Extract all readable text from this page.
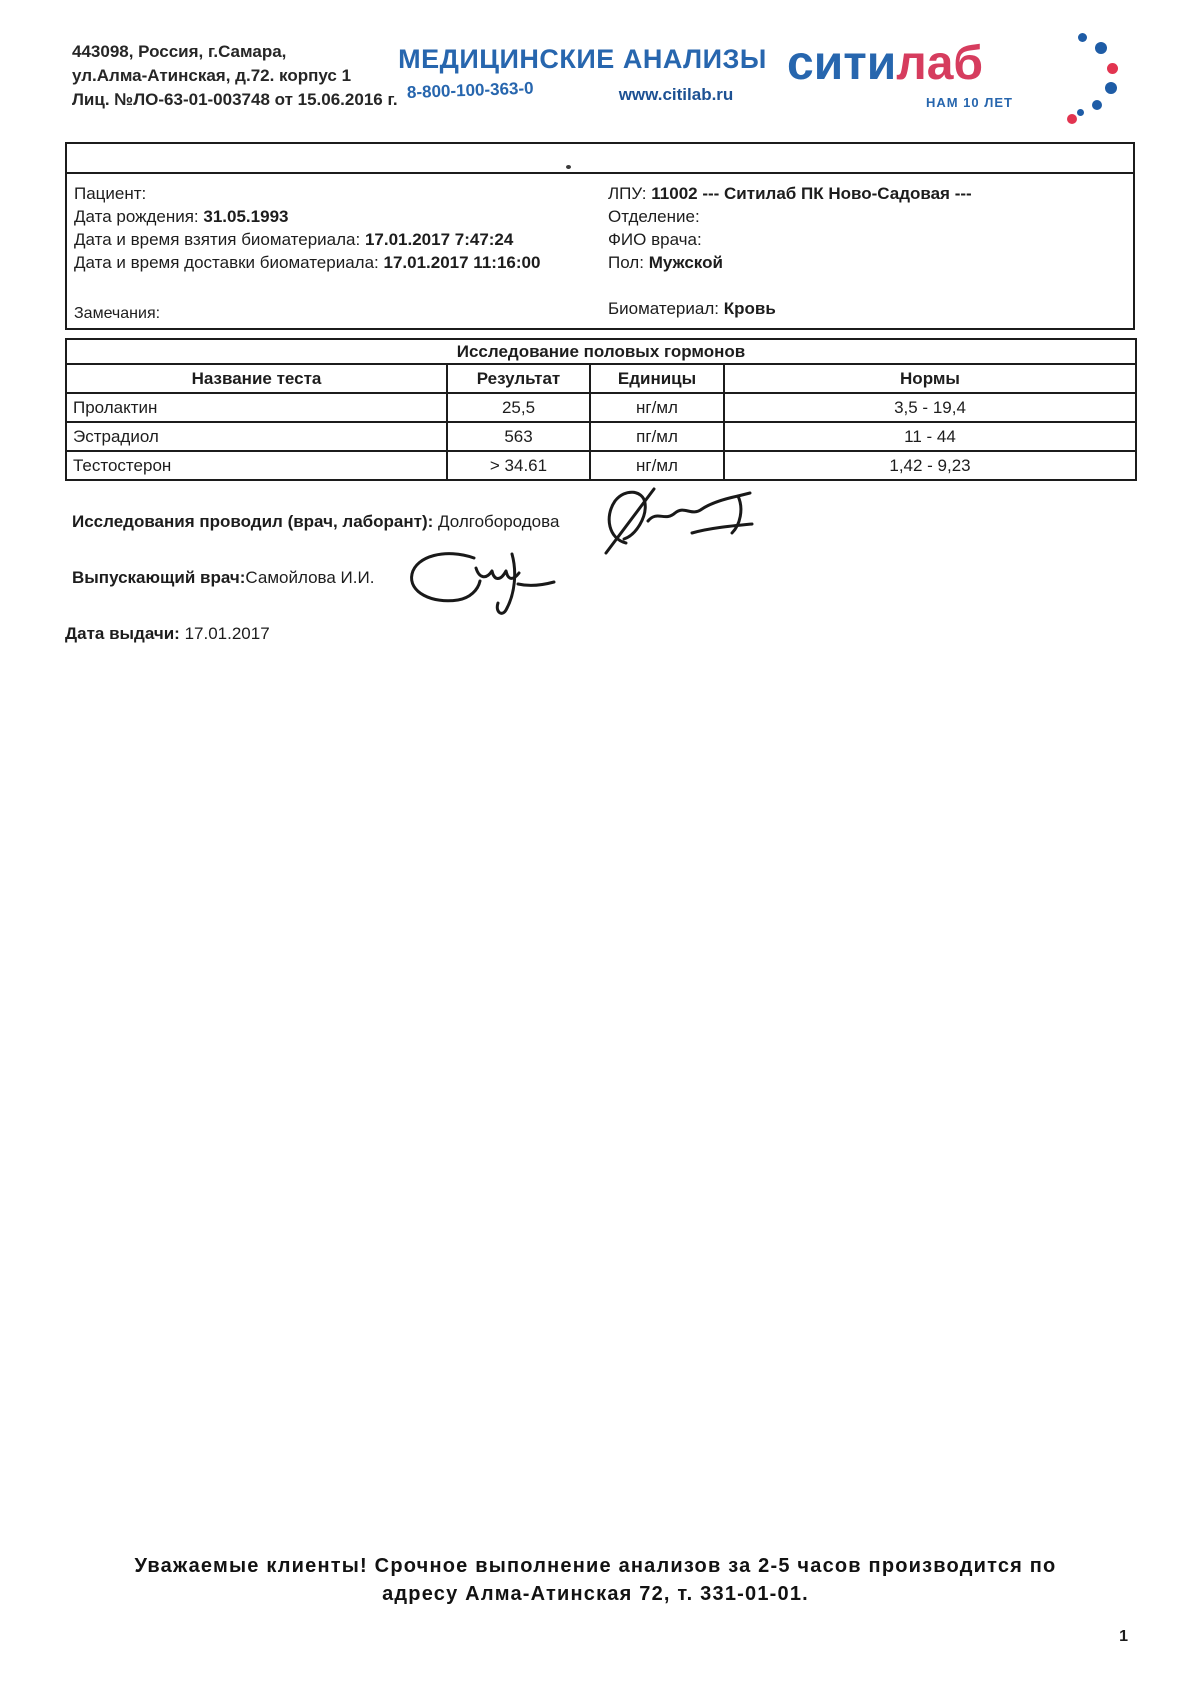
443098, Россия, г.Самара,
ул.Алма-Атинская, д.72. корпус 1
Лиц. №ЛО-63-01-003748 от 15.06.2016 г.
МЕДИЦИНСКИЕ АНАЛИЗЫ
8-800-100-363-0	www.citilab.ru
ситилаб
НАМ 10 ЛЕТ
Пациент:
Дата рождения: 31.05.1993
Дата и время взятия биоматериала: 17.01.2017 7:47:24
Дата и время доставки биоматериала: 17.01.2017 11:16:00
ЛПУ: 11002 --- Ситилаб ПК Ново-Садовая ---
Отделение:
ФИО врача:
Пол: Мужской
Биоматериал: Кровь
Замечания:
Исследование половых гормонов			
Название теста	Результат	Единицы	Нормы
Пролактин	25,5	нг/мл	3,5 - 19,4
Эстрадиол	563	пг/мл	11 - 44
Тестостерон	> 34.61	нг/мл	1,42 - 9,23
Исследования проводил (врач, лаборант): Долгобородова
Выпускающий врач:Самойлова И.И.
Дата выдачи: 17.01.2017
Уважаемые клиенты! Срочное выполнение анализов за 2-5 часов производится по
адресу Алма-Атинская 72, т. 331-01-01.
1
